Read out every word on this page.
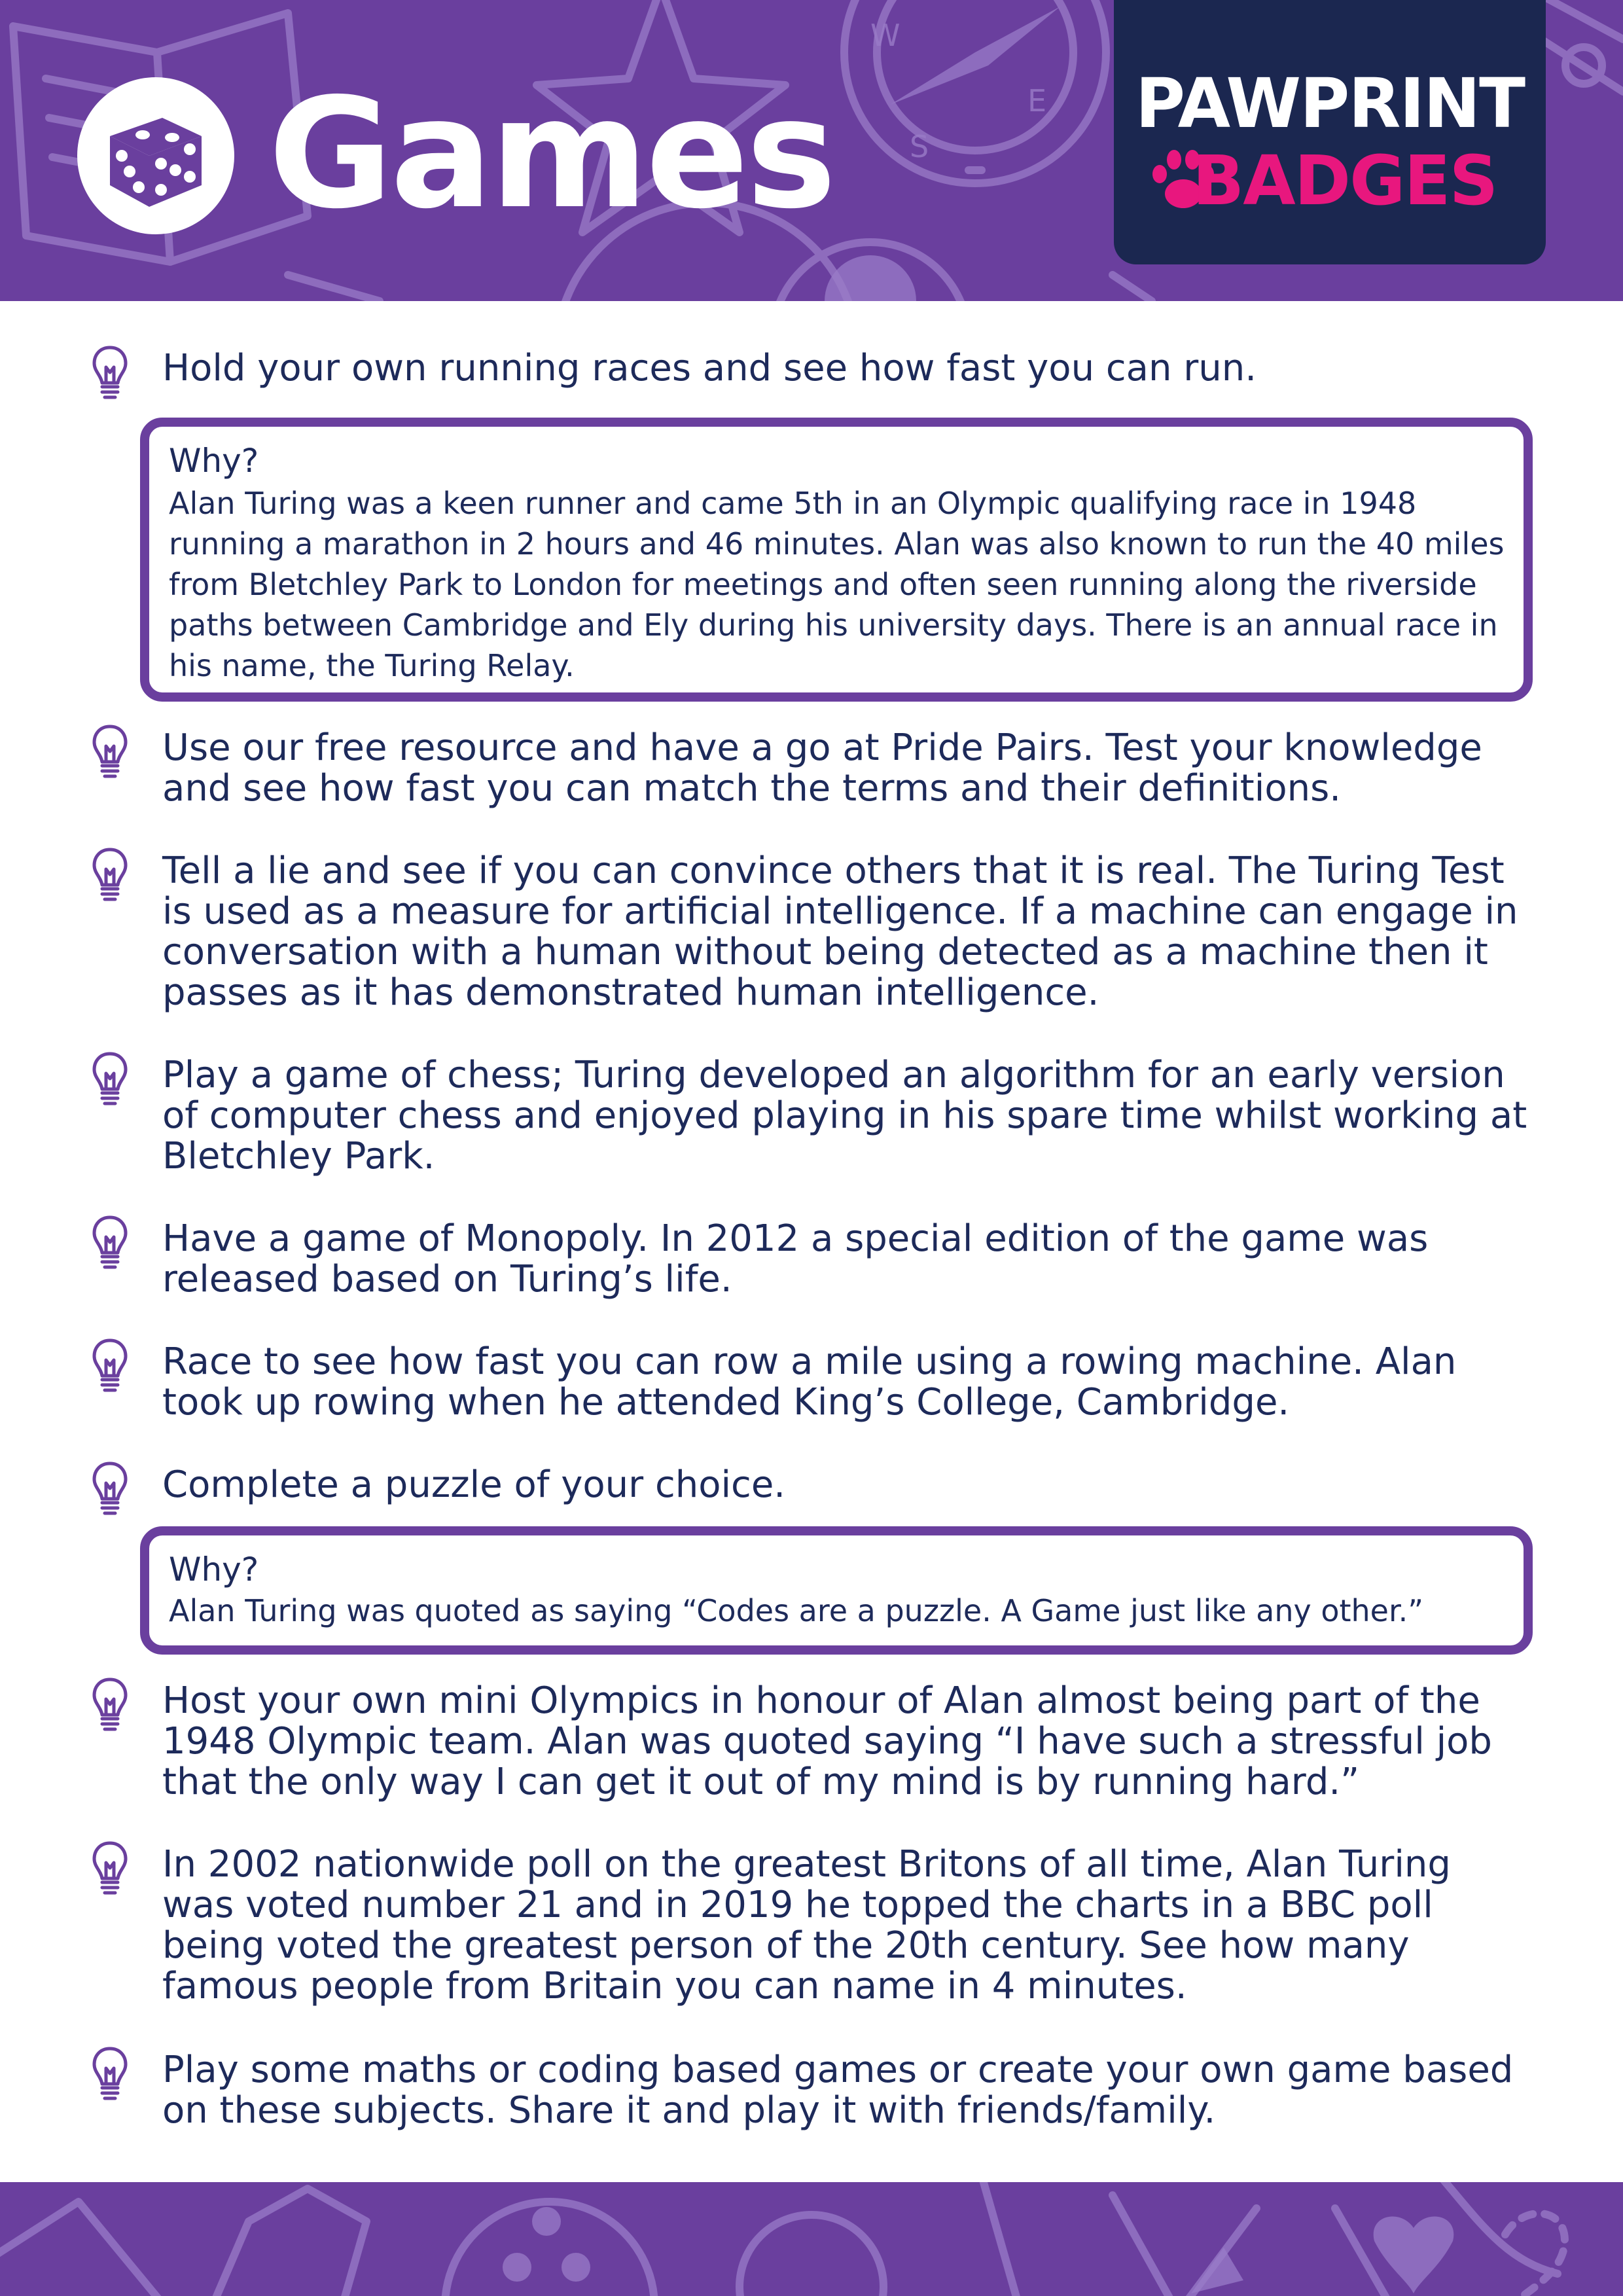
W
E
S
Games	PAWPRINT
BADGES
Hold your own running races and see how fast you can run.
Why?
Alan Turing was a keen runner and came 5th in an Olympic qualifying race in 1948 running a marathon in 2 hours and 46 minutes. Alan was also known to run the 40 miles from Bletchley Park to London for meetings and often seen running along the riverside paths between Cambridge and Ely during his university days. There is an annual race in his name, the Turing Relay.
Use our free resource and have a go at Pride Pairs. Test your knowledge and see how fast you can match the terms and their definitions.
Tell a lie and see if you can convince others that it is real. The Turing Test is used as a measure for artificial intelligence. If a machine can engage in conversation with a human without being detected as a machine then it passes as it has demonstrated human intelligence.
Play a game of chess; Turing developed an algorithm for an early version of computer chess and enjoyed playing in his spare time whilst working at Bletchley Park.
Have a game of Monopoly. In 2012 a special edition of the game was released based on Turing’s life.
Race to see how fast you can row a mile using a rowing machine. Alan took up rowing when he attended King’s College, Cambridge.
Complete a puzzle of your choice.
Why?
Alan Turing was quoted as saying “Codes are a puzzle. A Game just like any other.”
Host your own mini Olympics in honour of Alan almost being part of the 1948 Olympic team. Alan was quoted saying “I have such a stressful job that the only way I can get it out of my mind is by running hard.”
In 2002 nationwide poll on the greatest Britons of all time, Alan Turing was voted number 21 and in 2019 he topped the charts in a BBC poll being voted the greatest person of the 20th century. See how many famous people from Britain you can name in 4 minutes.
Play some maths or coding based games or create your own game based on these subjects. Share it and play it with friends/family.
